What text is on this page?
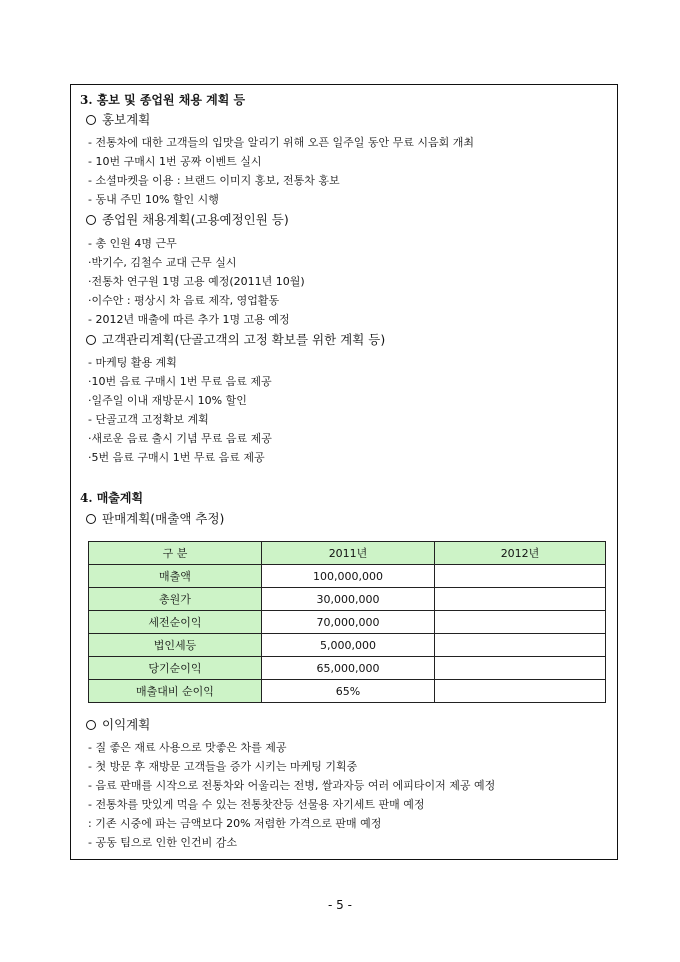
3. 홍보 및 종업원 채용 계획 등
홍보계획
- 전통차에 대한 고객들의 입맛을 알리기 위해 오픈 일주일 동안 무료 시음회 개최
- 10번 구매시 1번 공짜 이벤트 실시
- 소셜마켓을 이용 : 브랜드 이미지 홍보, 전통차 홍보
- 동내 주민 10% 할인 시행
종업원 채용계획(고용예정인원 등)
- 총 인원 4명 근무
·박기수, 김철수 교대 근무 실시
·전통차 연구원 1명 고용 예정(2011년 10월)
·이수안 : 평상시 차 음료 제작, 영업활동
- 2012년 매출에 따른 추가 1명 고용 예정
고객관리계획(단골고객의 고정 확보를 위한 계획 등)
- 마케팅 활용 계획
·10번 음료 구매시 1번 무료 음료 제공
·일주일 이내 재방문시 10% 할인
- 단골고객 고정확보 계획
·새로운 음료 출시 기념 무료 음료 제공
·5번 음료 구매시 1번 무료 음료 제공
4. 매출계획
판매계획(매출액 추정)
구 분	2011년	2012년
매출액	100,000,000	
총원가	30,000,000	
세전순이익	70,000,000	
법인세등	5,000,000	
당기순이익	65,000,000	
매출대비 순이익	65%	
이익계획
- 질 좋은 재료 사용으로 맛좋은 차를 제공
- 첫 방문 후 재방문 고객들을 증가 시키는 마케팅 기획중
- 음료 판매를 시작으로 전통차와 어울리는 전병, 쌀과자등 여러 에피타이저 제공 예정
- 전통차를 맛있게 먹을 수 있는 전통찻잔등 선물용 자기세트 판매 예정
: 기존 시중에 파는 금액보다 20% 저렴한 가격으로 판매 예정
- 공동 팀으로 인한 인건비 감소
- 5 -
